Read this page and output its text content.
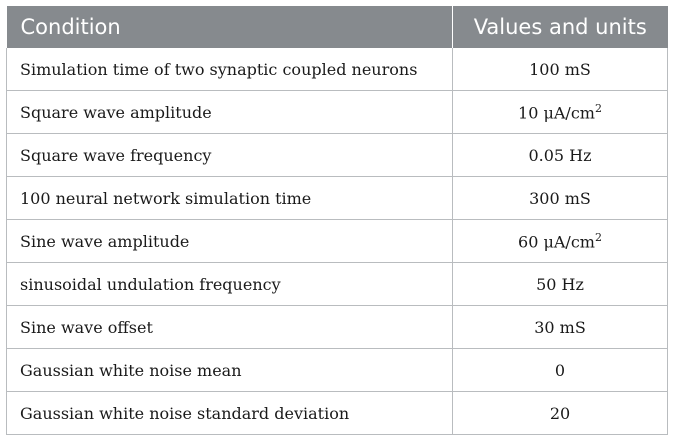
Condition	Values and units
Simulation time of two synaptic coupled neurons	100 mS
Square wave amplitude	10 $\mu A/cm^2$
Square wave frequency	0.05 Hz
100 neural network simulation time	300 mS
Sine wave amplitude	60 $\mu A/cm^2$
sinusoidal undulation frequency	50 Hz
Sine wave offset	30 mS
Gaussian white noise mean	0
Gaussian white noise standard deviation	20
